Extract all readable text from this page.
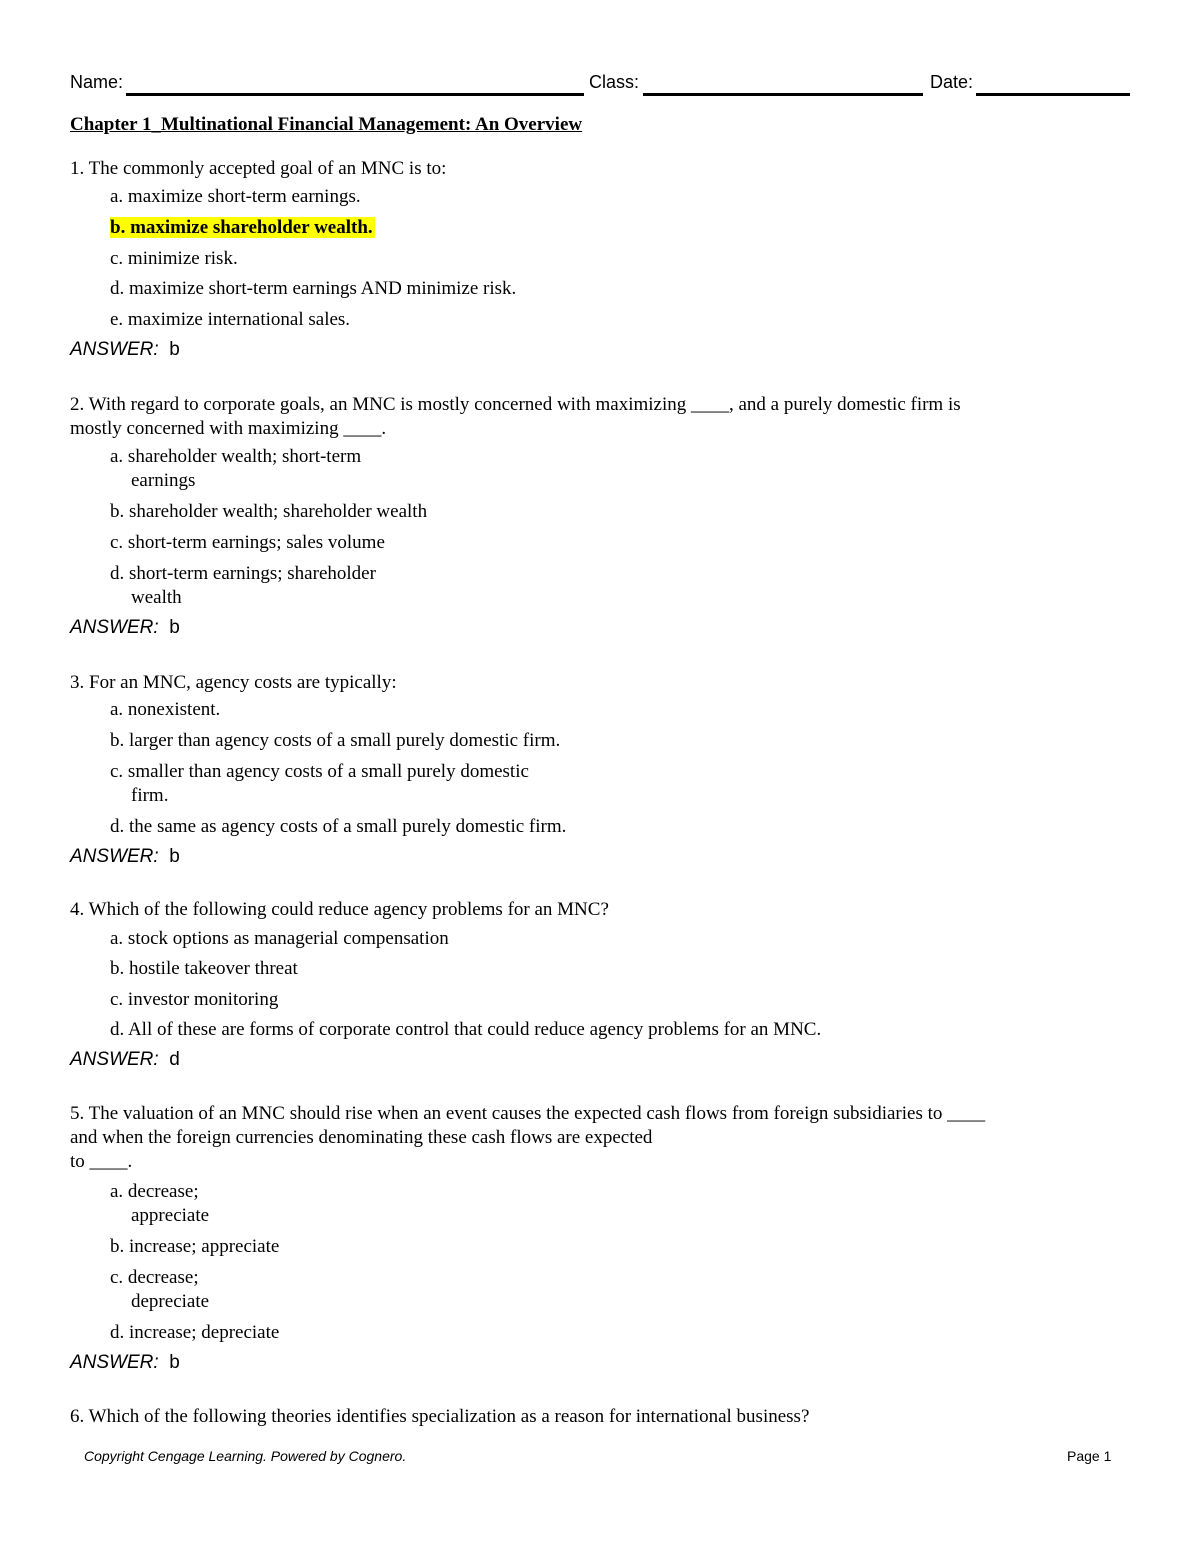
Name:	Class:	Date:
Chapter 1_Multinational Financial Management: An Overview
1. The commonly accepted goal of an MNC is to:
a. maximize short-term earnings.
b. maximize shareholder wealth.
c. minimize risk.
d. maximize short-term earnings AND minimize risk.
e. maximize international sales.
ANSWER: b
2. With regard to corporate goals, an MNC is mostly concerned with maximizing ____, and a purely domestic firm is
mostly concerned with maximizing ____.
a. shareholder wealth; short-term
earnings
b. shareholder wealth; shareholder wealth
c. short-term earnings; sales volume
d. short-term earnings; shareholder
wealth
ANSWER: b
3. For an MNC, agency costs are typically:
a. nonexistent.
b. larger than agency costs of a small purely domestic firm.
c. smaller than agency costs of a small purely domestic
firm.
d. the same as agency costs of a small purely domestic firm.
ANSWER: b
4. Which of the following could reduce agency problems for an MNC?
a. stock options as managerial compensation
b. hostile takeover threat
c. investor monitoring
d. All of these are forms of corporate control that could reduce agency problems for an MNC.
ANSWER: d
5. The valuation of an MNC should rise when an event causes the expected cash flows from foreign subsidiaries to ____
and when the foreign currencies denominating these cash flows are expected
to ____.
a. decrease;
appreciate
b. increase; appreciate
c. decrease;
depreciate
d. increase; depreciate
ANSWER: b
6. Which of the following theories identifies specialization as a reason for international business?
Copyright Cengage Learning. Powered by Cognero.	Page 1
